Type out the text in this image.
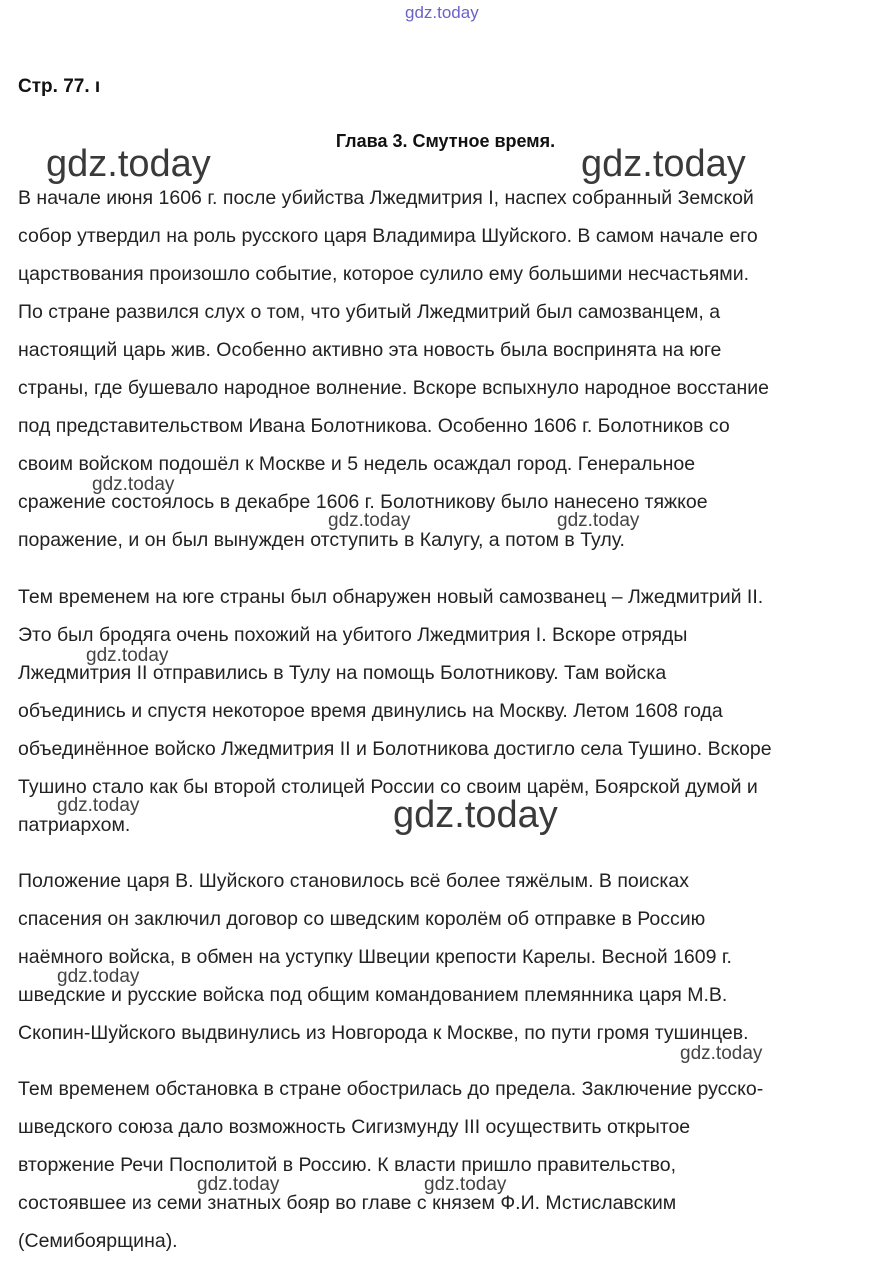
gdz.today
Стр. 77. ı
Глава 3. Смутное время.
В начале июня 1606 г. после убийства Лжедмитрия I, наспех собранный Земской
собор утвердил на роль русского царя Владимира Шуйского. В самом начале его
царствования произошло событие, которое сулило ему большими несчастьями.
По стране развился слух о том, что убитый Лжедмитрий был самозванцем, а
настоящий царь жив. Особенно активно эта новость была воспринята на юге
страны, где бушевало народное волнение. Вскоре вспыхнуло народное восстание
под представительством Ивана Болотникова. Особенно 1606 г. Болотников со
своим войском подошёл к Москве и 5 недель осаждал город. Генеральное
сражение состоялось в декабре 1606 г. Болотникову было нанесено тяжкое
поражение, и он был вынужден отступить в Калугу, а потом в Тулу.
Тем временем на юге страны был обнаружен новый самозванец – Лжедмитрий II.
Это был бродяга очень похожий на убитого Лжедмитрия I. Вскоре отряды
Лжедмитрия II отправились в Тулу на помощь Болотникову. Там войска
объединись и спустя некоторое время двинулись на Москву. Летом 1608 года
объединённое войско Лжедмитрия II и Болотникова достигло села Тушино. Вскоре
Тушино стало как бы второй столицей России со своим царём, Боярской думой и
патриархом.
Положение царя В. Шуйского становилось всё более тяжёлым. В поисках
спасения он заключил договор со шведским королём об отправке в Россию
наёмного войска, в обмен на уступку Швеции крепости Карелы. Весной 1609 г.
шведские и русские войска под общим командованием племянника царя М.В.
Скопин-Шуйского выдвинулись из Новгорода к Москве, по пути громя тушинцев.
Тем временем обстановка в стране обострилась до предела. Заключение русско-
шведского союза дало возможность Сигизмунду III осуществить открытое
вторжение Речи Посполитой в Россию. К власти пришло правительство,
состоявшее из семи знатных бояр во главе с князем Ф.И. Мстиславским
(Семибоярщина).
gdz.today	gdz.today
gdz.today
gdz.today	gdz.today
gdz.today
gdz.today	gdz.today
gdz.today
gdz.today
gdz.today	gdz.today
